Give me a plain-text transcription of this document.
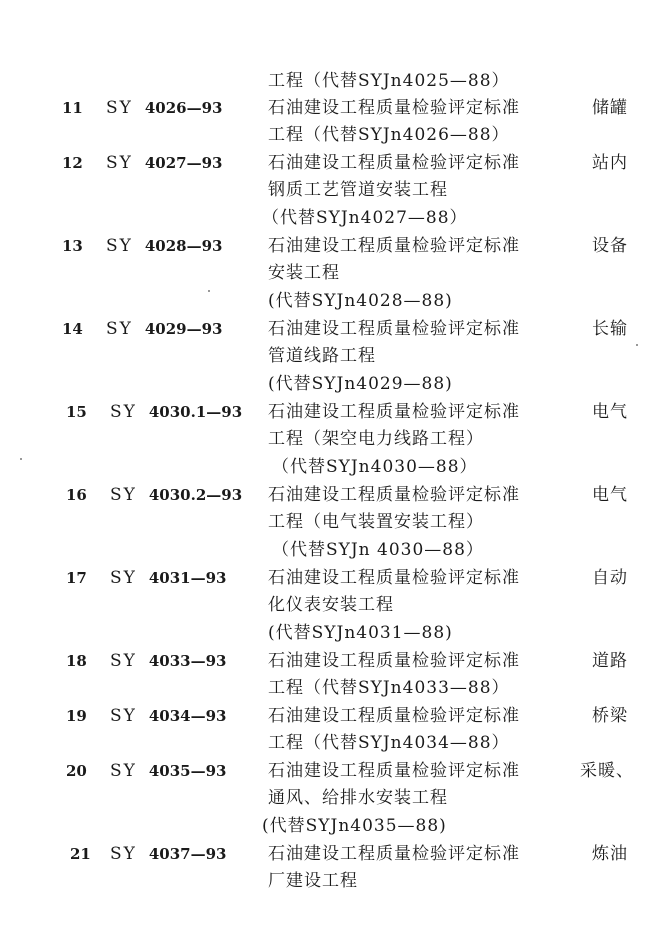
工程（代替SYJn4025—88）
11 SY 4026—93	石油建设工程质量检验评定标准	储罐
工程（代替SYJn4026—88）
12 SY 4027—93	石油建设工程质量检验评定标准	站内
钢质工艺管道安装工程
（代替SYJn4027—88）
13 SY 4028—93	石油建设工程质量检验评定标准	设备
安装工程
(代替SYJn4028—88)
14 SY 4029—93	石油建设工程质量检验评定标准	长输
管道线路工程
(代替SYJn4029—88)
15 SY 4030.1—93 石油建设工程质量检验评定标准	电气
工程（架空电力线路工程）
（代替SYJn4030—88）
16 SY 4030.2—93 石油建设工程质量检验评定标准	电气
工程（电气装置安装工程）
（代替SYJn 4030—88）
17 SY 4031—93 石油建设工程质量检验评定标准	自动
化仪表安装工程
(代替SYJn4031—88)
18 SY 4033—93 石油建设工程质量检验评定标准	道路
工程（代替SYJn4033—88）
19 SY 4034—93 石油建设工程质量检验评定标准	桥梁
工程（代替SYJn4034—88）
20 SY 4035—93 石油建设工程质量检验评定标准	采暖、
通风、给排水安装工程
(代替SYJn4035—88)
21 SY 4037—93 石油建设工程质量检验评定标准	炼油
厂建设工程
